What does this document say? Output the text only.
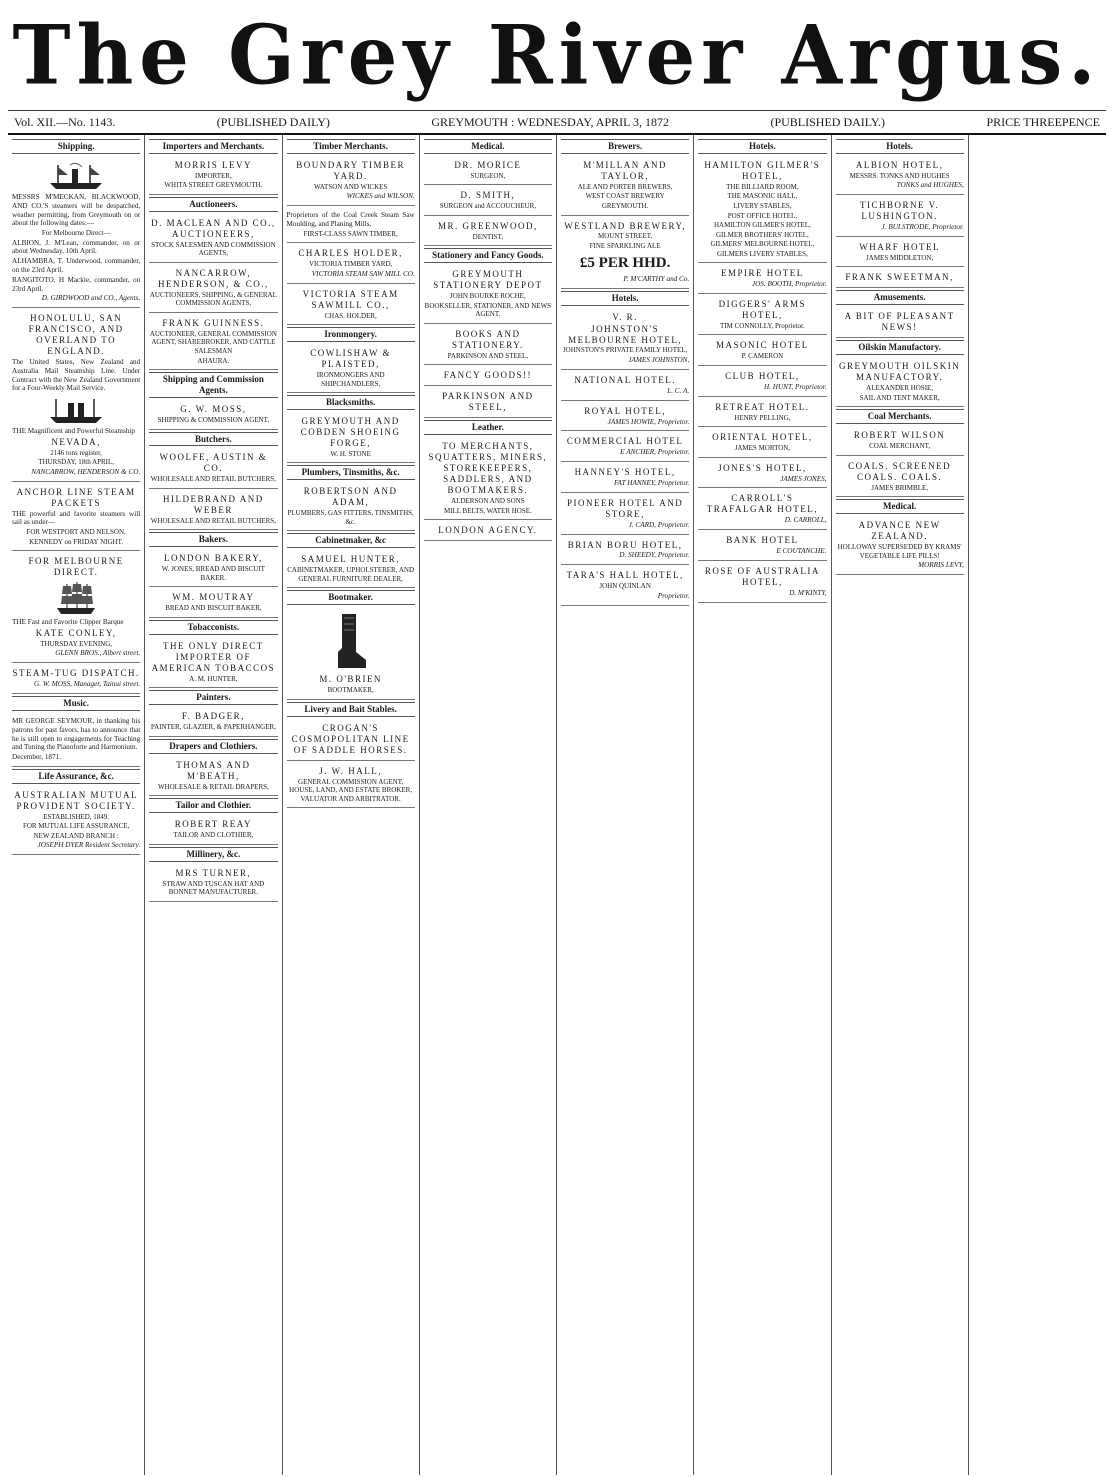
The Grey River Argus.
Vol. XII.—No. 1143.	(PUBLISHED DAILY)	GREYMOUTH : WEDNESDAY, APRIL 3, 1872	(PUBLISHED DAILY.)	PRICE THREEPENCE
Shipping.
MESSRS M'MECKAN, BLACKWOOD, AND CO.'S steamers will be despatched, weather permitting, from Greymouth on or about the following dates:—
For Melbourne Direct—
ALBION, J. M'Lean, commander, on or about Wednesday, 10th April.
ALHAMBRA, T. Underwood, commander, on the 23rd April.
RANGITOTO, H Mackie, commander, on 23rd April.
D. GIRDWOOD and CO., Agents.
HONOLULU, SAN FRANCISCO, AND OVERLAND TO ENGLAND.
The United States, New Zealand and Australia Mail Steamship Line. Under Contract with the New Zealand Government for a Four-Weekly Mail Service.
THE Magnificent and Powerful Steamship
NEVADA,
2146 tons register,
THURSDAY, 18th APRIL,
NANCARROW, HENDERSON & CO.
ANCHOR LINE STEAM PACKETS
THE powerful and favorite steamers will sail as under—
FOR WESTPORT AND NELSON.
KENNEDY on FRIDAY NIGHT.
FOR MELBOURNE DIRECT.
THE Fast and Favorite Clipper Barque
KATE CONLEY,
THURSDAY EVENING,
GLENN BROS., Albert street.
STEAM-TUG DISPATCH.
G. W. MOSS, Manager, Tainui street.
Music.
MR GEORGE SEYMOUR, in thanking his patrons for past favors, has to announce that he is still open to engagements for Teaching and Tuning the Pianoforte and Harmonium.
December, 1871.
Life Assurance, &c.
AUSTRALIAN MUTUAL PROVIDENT SOCIETY.
ESTABLISHED, 1849.
FOR MUTUAL LIFE ASSURANCE,
NEW ZEALAND BRANCH :
JOSEPH DYER Resident Secretary.
Importers and Merchants.
MORRIS LEVY
IMPORTER,
WHITA STREET GREYMOUTH.
Auctioneers.
D. MACLEAN AND CO., AUCTIONEERS,
STOCK SALESMEN AND COMMISSION AGENTS,
NANCARROW, HENDERSON, & CO.,
AUCTIONEERS, SHIPPING, & GENERAL COMMISSION AGENTS,
FRANK GUINNESS.
AUCTIONEER, GENERAL COMMISSION AGENT, SHAREBROKER, AND CATTLE SALESMAN
AHAURA.
Shipping and Commission Agents.
G. W. MOSS,
SHIPPING & COMMISSION AGENT,
Butchers.
WOOLFE, AUSTIN & CO.
WHOLESALE AND RETAIL BUTCHERS,
HILDEBRAND AND WEBER
WHOLESALE AND RETAIL BUTCHERS,
Bakers.
LONDON BAKERY,
W. JONES, BREAD AND BISCUIT BAKER.
WM. MOUTRAY
BREAD AND BISCUIT BAKER,
Tobacconists.
THE ONLY DIRECT IMPORTER OF AMERICAN TOBACCOS
A. M. HUNTER,
Painters.
F. BADGER,
PAINTER, GLAZIER, & PAPERHANGER,
Drapers and Clothiers.
THOMAS AND M'BEATH,
WHOLESALE & RETAIL DRAPERS,
Tailor and Clothier.
ROBERT REAY
TAILOR AND CLOTHIER,
Millinery, &c.
MRS TURNER,
STRAW AND TUSCAN HAT AND BONNET MANUFACTURER.
Timber Merchants.
BOUNDARY TIMBER YARD.
WATSON AND WICKES
WICKES and WILSON.
Proprietors of the Coal Creek Steam Saw Moulding, and Planing Mills,
FIRST-CLASS SAWN TIMBER,
CHARLES HOLDER,
VICTORIA TIMBER YARD,
VICTORIA STEAM SAW MILL CO.
VICTORIA STEAM SAWMILL CO.,
CHAS. HOLDER,
Ironmongery.
COWLISHAW & PLAISTED,
IRONMONGERS AND SHIPCHANDLERS,
Blacksmiths.
GREYMOUTH AND COBDEN SHOEING FORGE,
W. H. STONE
Plumbers, Tinsmiths, &c.
ROBERTSON AND ADAM,
PLUMBERS, GAS FITTERS, TINSMITHS, &c.
Cabinetmaker, &c
SAMUEL HUNTER,
CABINETMAKER, UPHOLSTERER, AND GENERAL FURNITURE DEALER,
Bootmaker.
M. O'BRIEN
BOOTMAKER,
Livery and Bait Stables.
CROGAN'S COSMOPOLITAN LINE OF SADDLE HORSES.
J. W. HALL,
GENERAL COMMISSION AGENT, HOUSE, LAND, AND ESTATE BROKER, VALUATOR AND ARBITRATOR.
Medical.
DR. MORICE
SURGEON,
D. SMITH,
SURGEON and ACCOUCHEUR,
MR. GREENWOOD,
DENTIST,
Stationery and Fancy Goods.
GREYMOUTH STATIONERY DEPOT
JOHN BOURKE ROCHE,
BOOKSELLER, STATIONER, AND NEWS AGENT.
BOOKS AND STATIONERY.
PARKINSON AND STEEL,
FANCY GOODS!!
PARKINSON AND STEEL,
Leather.
TO MERCHANTS, SQUATTERS, MINERS, STOREKEEPERS, SADDLERS, AND BOOTMAKERS.
ALDERSON AND SONS
MILL BELTS, WATER HOSE.
LONDON AGENCY.
Brewers.
M'MILLAN AND TAYLOR,
ALE AND PORTER BREWERS,
WEST COAST BREWERY
GREYMOUTH.
WESTLAND BREWERY,
MOUNT STREET,
FINE SPARKLING ALE
£5 PER HHD.
P. M'CARTHY and Co.
Hotels.
V. R.
JOHNSTON'S MELBOURNE HOTEL,
JOHNSTON'S PRIVATE FAMILY HOTEL,
JAMES JOHNSTON,
NATIONAL HOTEL.
L. C. A.
ROYAL HOTEL,
JAMES HOWIE, Proprietor.
COMMERCIAL HOTEL
E ANCHER, Proprietor.
HANNEY'S HOTEL,
FAT HANNEY, Proprietor.
PIONEER HOTEL AND STORE,
J. CARD, Proprietor.
BRIAN BORU HOTEL,
D. SHEEDY, Proprietor.
TARA'S HALL HOTEL,
JOHN QUINLAN
Proprietor.
Hotels.
HAMILTON GILMER'S HOTEL,
THE BILLIARD ROOM,
THE MASONIC HALL,
LIVERY STABLES,
POST OFFICE HOTEL,
HAMILTON GILMER'S HOTEL,
GILMER BROTHERS' HOTEL,
GILMERS' MELBOURNE HOTEL,
GILMERS LIVERY STABLES,
EMPIRE HOTEL
JOS. BOOTH, Proprietor.
DIGGERS' ARMS HOTEL,
TIM CONNOLLY, Proprietor.
MASONIC HOTEL
P. CAMERON
CLUB HOTEL,
H. HUNT, Proprietor.
RETREAT HOTEL.
HENRY PELLING,
ORIENTAL HOTEL,
JAMES MORTON,
JONES'S HOTEL,
JAMES JONES,
CARROLL'S TRAFALGAR HOTEL,
D. CARROLL,
BANK HOTEL
E COUTANCHE.
ROSE OF AUSTRALIA HOTEL,
D. M'KINTY,
Hotels.
ALBION HOTEL,
MESSRS. TONKS AND HUGHES
TONKS and HUGHES,
TICHBORNE V. LUSHINGTON.
J. BULSTRODE, Proprietor.
WHARF HOTEL
JAMES MIDDLETON,
FRANK SWEETMAN,
Amusements.
A BIT OF PLEASANT NEWS!
Oilskin Manufactory.
GREYMOUTH OILSKIN MANUFACTORY.
ALEXANDER HOSIE,
SAIL AND TENT MAKER,
Coal Merchants.
ROBERT WILSON
COAL MERCHANT,
COALS. SCREENED COALS. COALS.
JAMES BRIMBLE,
Medical.
ADVANCE NEW ZEALAND.
HOLLOWAY SUPERSEDED BY KRAMS' VEGETABLE LIFE PILLS!
MORRIS LEVY,
